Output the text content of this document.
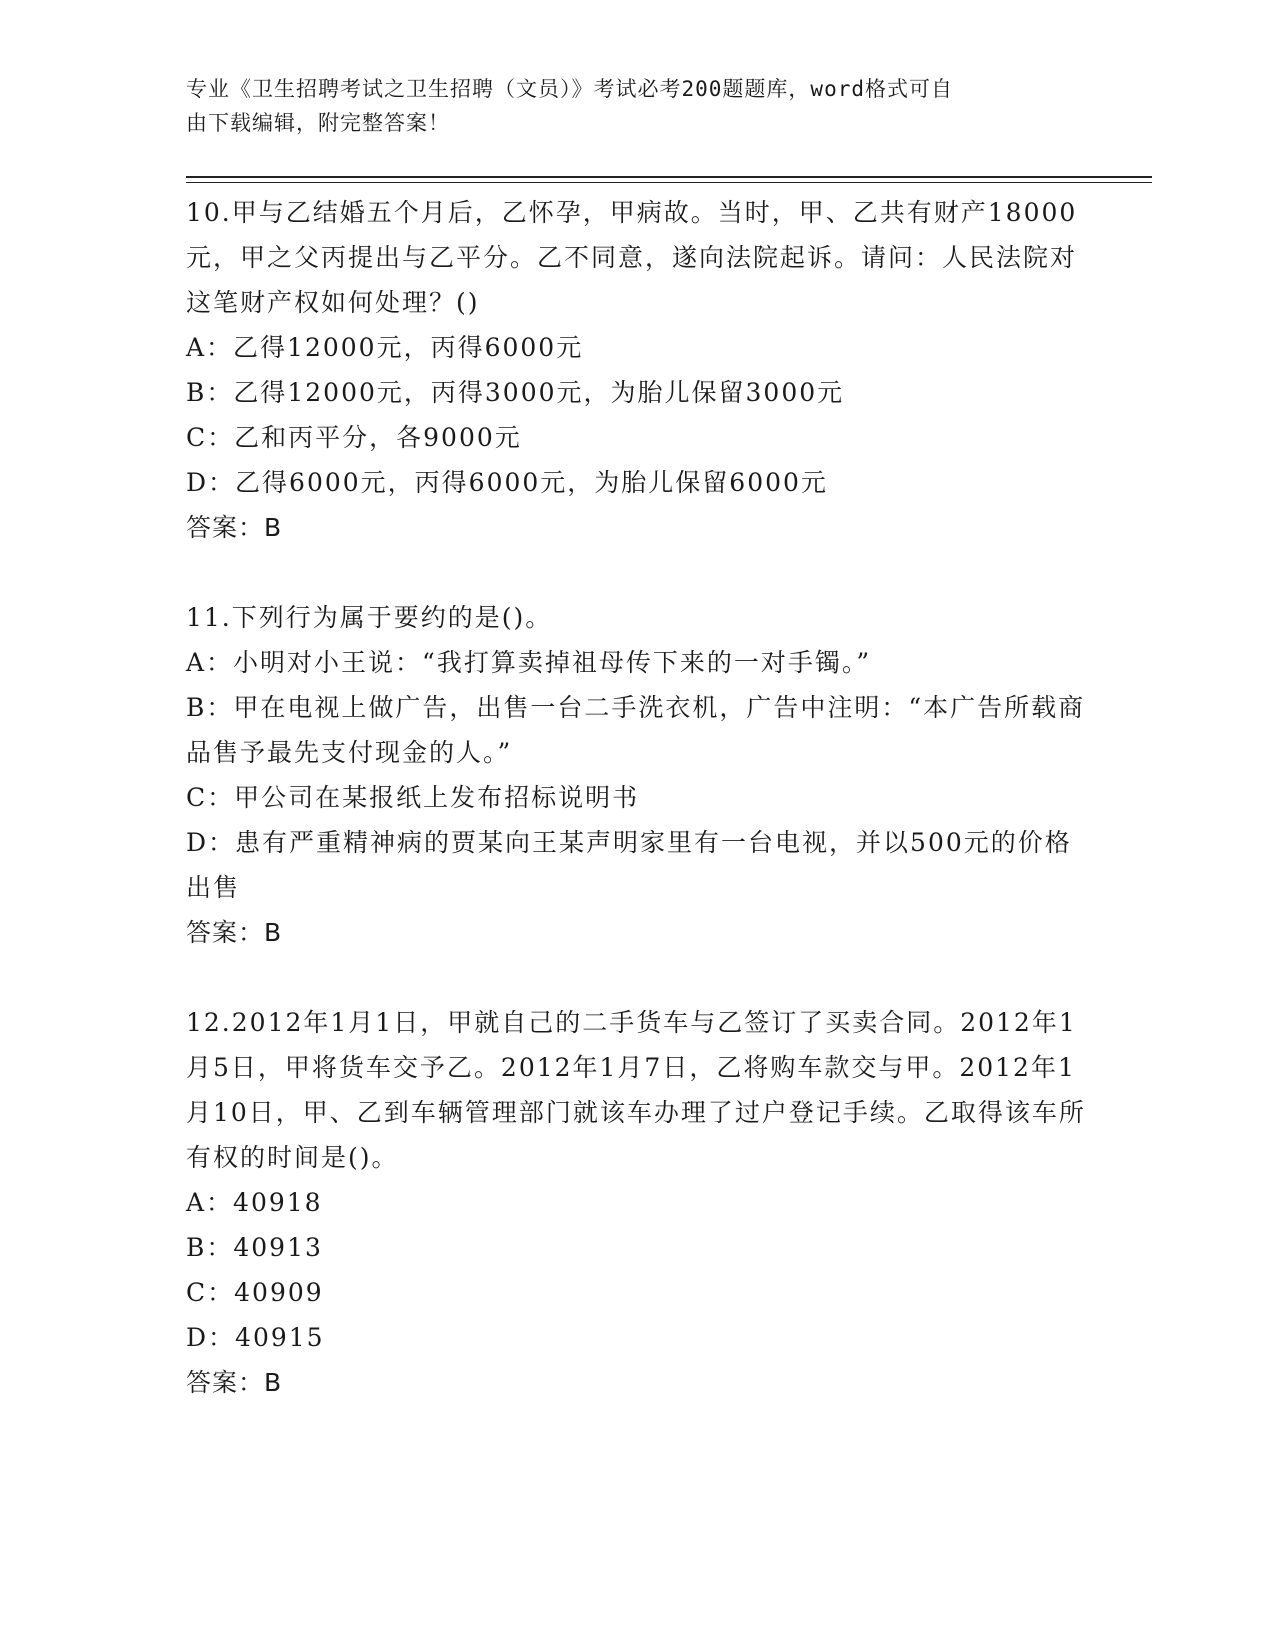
专业《卫生招聘考试之卫生招聘（文员）》考试必考200题题库，word格式可自
由下载编辑，附完整答案！

10.甲与乙结婚五个月后，乙怀孕，甲病故。当时，甲、乙共有财产18000元，甲之父丙提出与乙平分。乙不同意，遂向法院起诉。请问：人民法院对这笔财产权如何处理？()

A：乙得12000元，丙得6000元

B：乙得12000元，丙得3000元，为胎儿保留3000元

C：乙和丙平分，各9000元

D：乙得6000元，丙得6000元，为胎儿保留6000元

答案：B

11.下列行为属于要约的是()。

A：小明对小王说：“我打算卖掉祖母传下来的一对手镯。”

B：甲在电视上做广告，出售一台二手洗衣机，广告中注明：“本广告所载商品售予最先支付现金的人。”

C：甲公司在某报纸上发布招标说明书

D：患有严重精神病的贾某向王某声明家里有一台电视，并以500元的价格出售

答案：B

12.2012年1月1日，甲就自己的二手货车与乙签订了买卖合同。2012年1月5日，甲将货车交予乙。2012年1月7日，乙将购车款交与甲。2012年1月10日，甲、乙到车辆管理部门就该车办理了过户登记手续。乙取得该车所有权的时间是()。

A：40918

B：40913

C：40909

D：40915

答案：B
